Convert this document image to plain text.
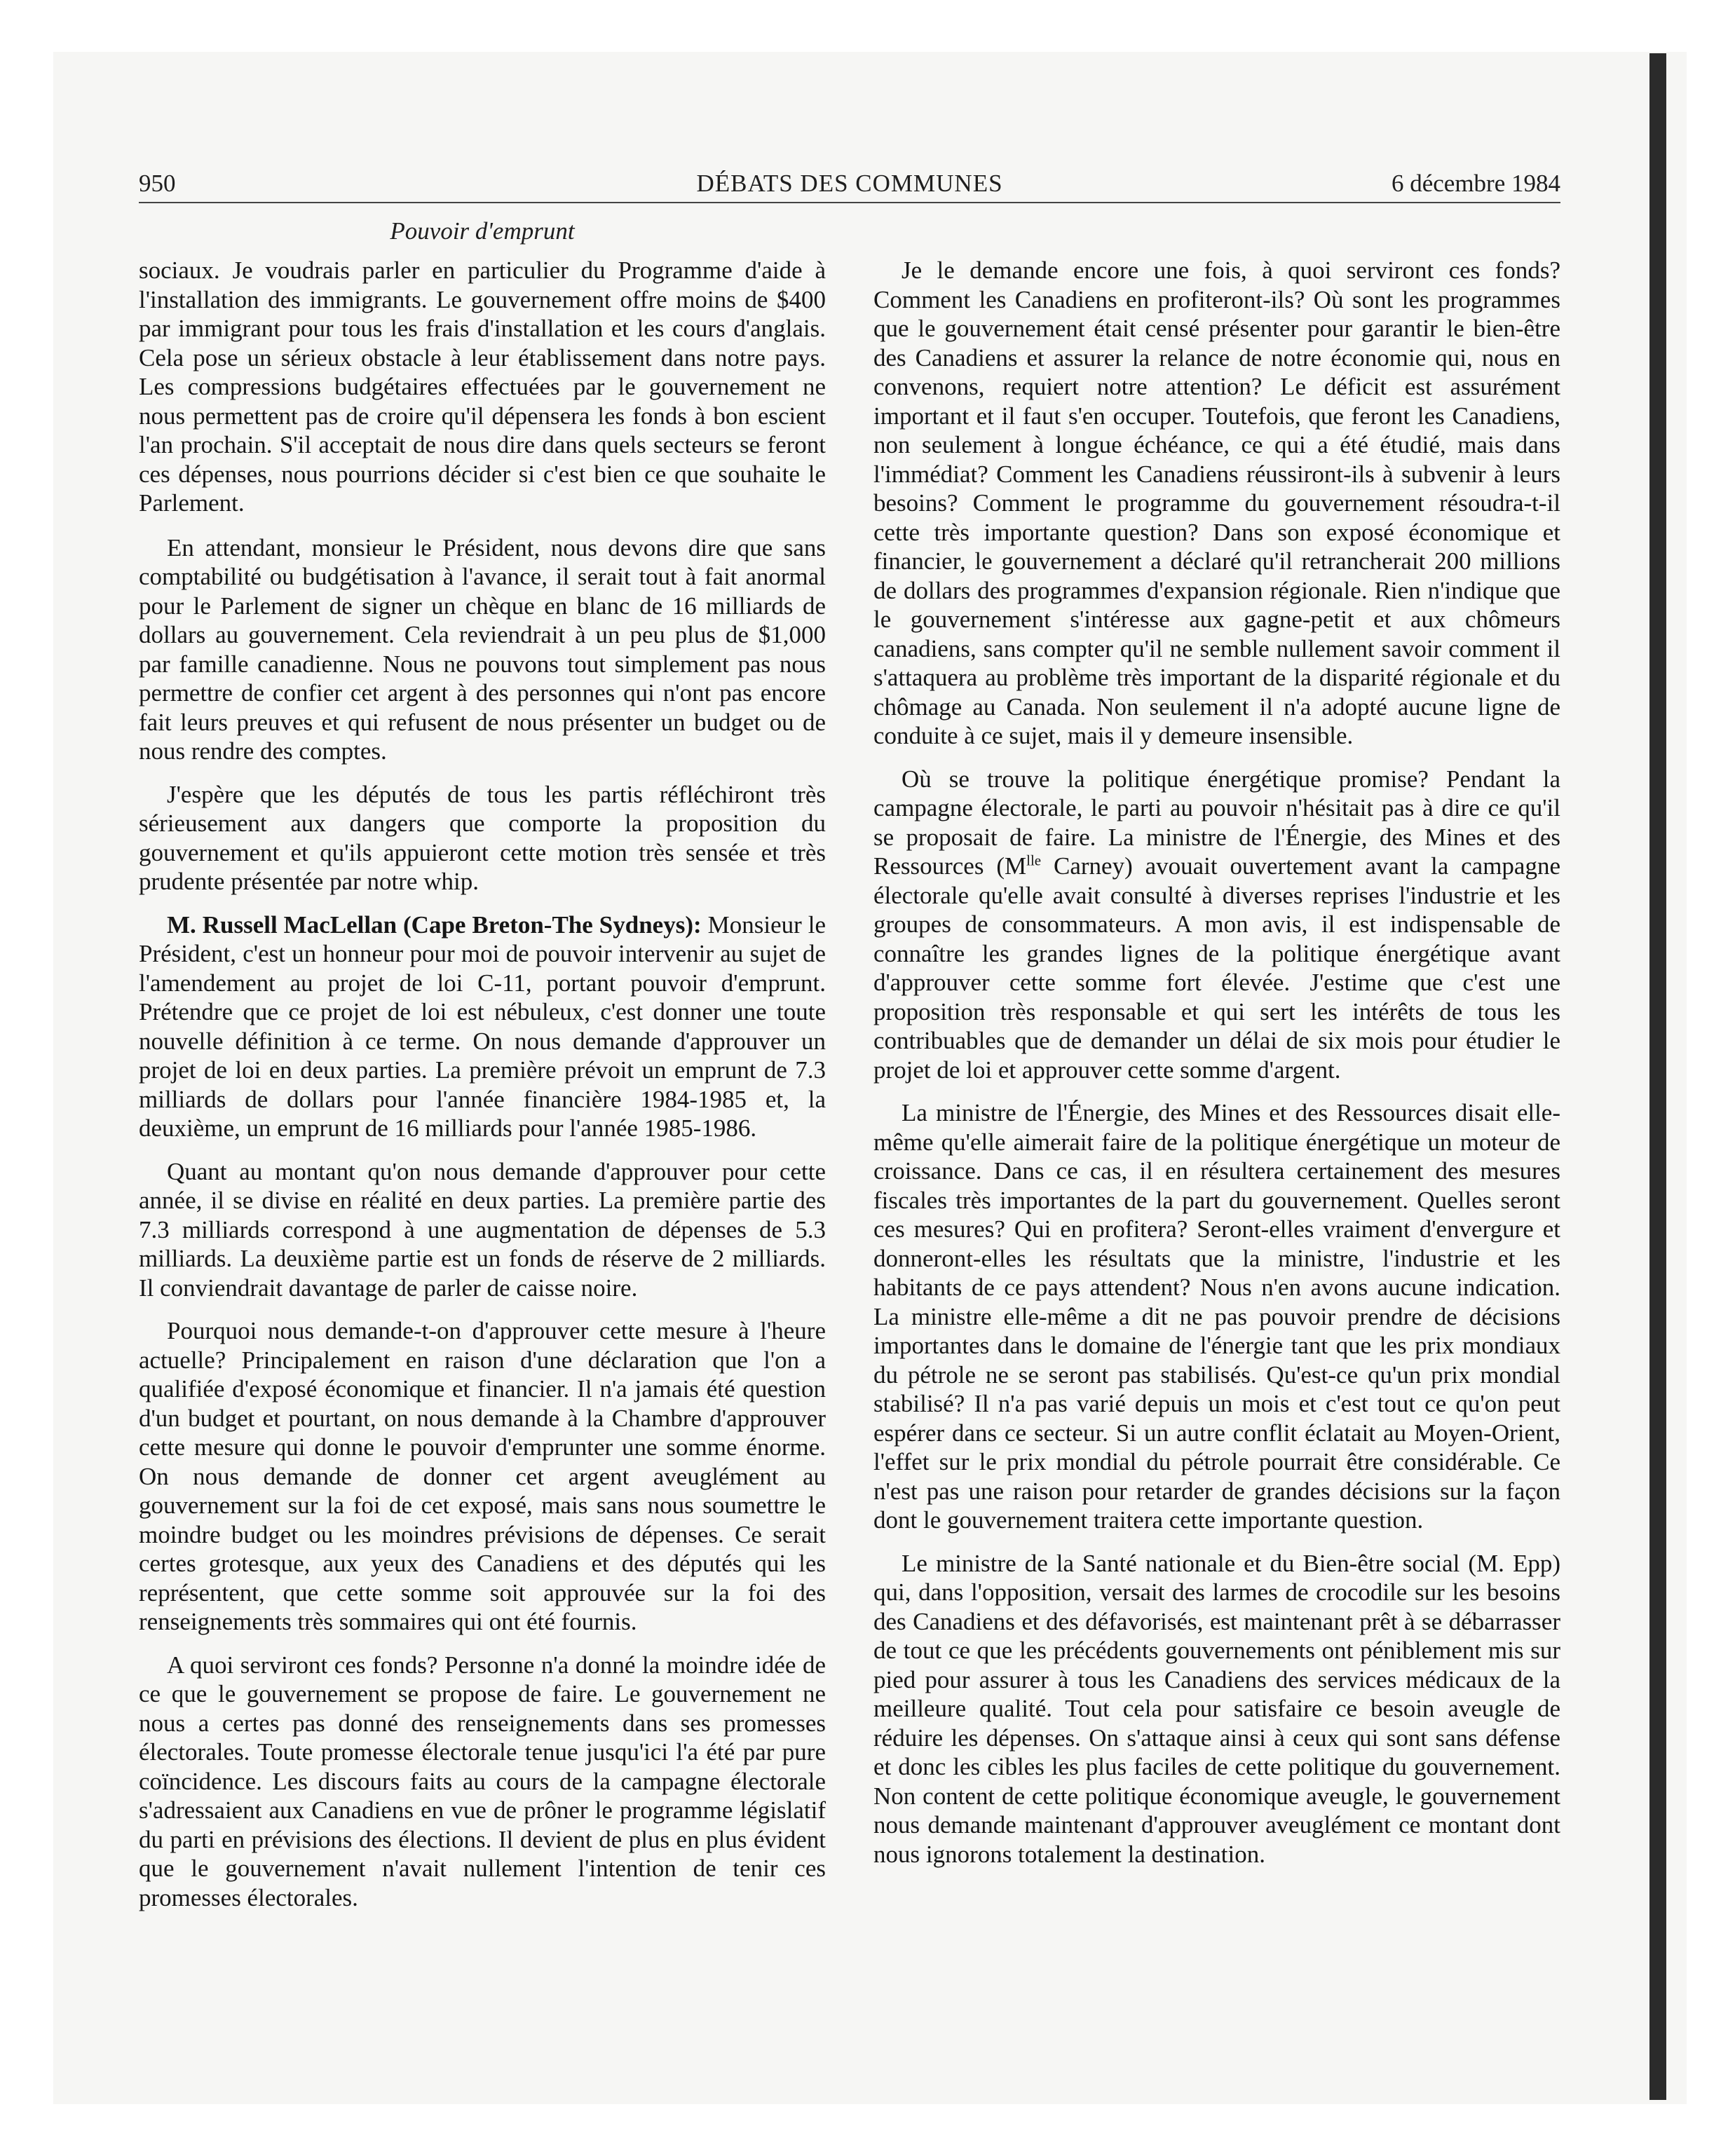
950	DÉBATS DES COMMUNES	6 décembre 1984
Pouvoir d'emprunt

sociaux. Je voudrais parler en particulier du Programme d'aide à l'installation des immigrants. Le gouvernement offre moins de $400 par immigrant pour tous les frais d'installation et les cours d'anglais. Cela pose un sérieux obstacle à leur établissement dans notre pays. Les compressions budgétaires effectuées par le gouvernement ne nous permettent pas de croire qu'il dépensera les fonds à bon escient l'an prochain. S'il acceptait de nous dire dans quels secteurs se feront ces dépenses, nous pourrions décider si c'est bien ce que souhaite le Parlement.

En attendant, monsieur le Président, nous devons dire que sans comptabilité ou budgétisation à l'avance, il serait tout à fait anormal pour le Parlement de signer un chèque en blanc de 16 milliards de dollars au gouvernement. Cela reviendrait à un peu plus de $1,000 par famille canadienne. Nous ne pouvons tout simplement pas nous permettre de confier cet argent à des personnes qui n'ont pas encore fait leurs preuves et qui refusent de nous présenter un budget ou de nous rendre des comptes.

J'espère que les députés de tous les partis réfléchiront très sérieusement aux dangers que comporte la proposition du gouvernement et qu'ils appuieront cette motion très sensée et très prudente présentée par notre whip.

M. Russell MacLellan (Cape Breton-The Sydneys): Monsieur le Président, c'est un honneur pour moi de pouvoir intervenir au sujet de l'amendement au projet de loi C-11, portant pouvoir d'emprunt. Prétendre que ce projet de loi est nébuleux, c'est donner une toute nouvelle définition à ce terme. On nous demande d'approuver un projet de loi en deux parties. La première prévoit un emprunt de 7.3 milliards de dollars pour l'année financière 1984-1985 et, la deuxième, un emprunt de 16 milliards pour l'année 1985-1986.

Quant au montant qu'on nous demande d'approuver pour cette année, il se divise en réalité en deux parties. La première partie des 7.3 milliards correspond à une augmentation de dépenses de 5.3 milliards. La deuxième partie est un fonds de réserve de 2 milliards. Il conviendrait davantage de parler de caisse noire.

Pourquoi nous demande-t-on d'approuver cette mesure à l'heure actuelle? Principalement en raison d'une déclaration que l'on a qualifiée d'exposé économique et financier. Il n'a jamais été question d'un budget et pourtant, on nous demande à la Chambre d'approuver cette mesure qui donne le pouvoir d'emprunter une somme énorme. On nous demande de donner cet argent aveuglément au gouvernement sur la foi de cet exposé, mais sans nous soumettre le moindre budget ou les moindres prévisions de dépenses. Ce serait certes grotesque, aux yeux des Canadiens et des députés qui les représentent, que cette somme soit approuvée sur la foi des renseignements très sommaires qui ont été fournis.

A quoi serviront ces fonds? Personne n'a donné la moindre idée de ce que le gouvernement se propose de faire. Le gouvernement ne nous a certes pas donné des renseignements dans ses promesses électorales. Toute promesse électorale tenue jusqu'ici l'a été par pure coïncidence. Les discours faits au cours de la campagne électorale s'adressaient aux Canadiens en vue de prôner le programme législatif du parti en prévisions des élections. Il devient de plus en plus évident que le gouvernement n'avait nullement l'intention de tenir ces promesses électorales.

Je le demande encore une fois, à quoi serviront ces fonds? Comment les Canadiens en profiteront-ils? Où sont les programmes que le gouvernement était censé présenter pour garantir le bien-être des Canadiens et assurer la relance de notre économie qui, nous en convenons, requiert notre attention? Le déficit est assurément important et il faut s'en occuper. Toutefois, que feront les Canadiens, non seulement à longue échéance, ce qui a été étudié, mais dans l'immédiat? Comment les Canadiens réussiront-ils à subvenir à leurs besoins? Comment le programme du gouvernement résoudra-t-il cette très importante question? Dans son exposé économique et financier, le gouvernement a déclaré qu'il retrancherait 200 millions de dollars des programmes d'expansion régionale. Rien n'indique que le gouvernement s'intéresse aux gagne-petit et aux chômeurs canadiens, sans compter qu'il ne semble nullement savoir comment il s'attaquera au problème très important de la disparité régionale et du chômage au Canada. Non seulement il n'a adopté aucune ligne de conduite à ce sujet, mais il y demeure insensible.

Où se trouve la politique énergétique promise? Pendant la campagne électorale, le parti au pouvoir n'hésitait pas à dire ce qu'il se proposait de faire. La ministre de l'Énergie, des Mines et des Ressources ($M^{lle}$ Carney) avouait ouvertement avant la campagne électorale qu'elle avait consulté à diverses reprises l'industrie et les groupes de consommateurs. A mon avis, il est indispensable de connaître les grandes lignes de la politique énergétique avant d'approuver cette somme fort élevée. J'estime que c'est une proposition très responsable et qui sert les intérêts de tous les contribuables que de demander un délai de six mois pour étudier le projet de loi et approuver cette somme d'argent.

La ministre de l'Énergie, des Mines et des Ressources disait elle-même qu'elle aimerait faire de la politique énergétique un moteur de croissance. Dans ce cas, il en résultera certainement des mesures fiscales très importantes de la part du gouvernement. Quelles seront ces mesures? Qui en profitera? Seront-elles vraiment d'envergure et donneront-elles les résultats que la ministre, l'industrie et les habitants de ce pays attendent? Nous n'en avons aucune indication. La ministre elle-même a dit ne pas pouvoir prendre de décisions importantes dans le domaine de l'énergie tant que les prix mondiaux du pétrole ne se seront pas stabilisés. Qu'est-ce qu'un prix mondial stabilisé? Il n'a pas varié depuis un mois et c'est tout ce qu'on peut espérer dans ce secteur. Si un autre conflit éclatait au Moyen-Orient, l'effet sur le prix mondial du pétrole pourrait être considérable. Ce n'est pas une raison pour retarder de grandes décisions sur la façon dont le gouvernement traitera cette importante question.

Le ministre de la Santé nationale et du Bien-être social (M. Epp) qui, dans l'opposition, versait des larmes de crocodile sur les besoins des Canadiens et des défavorisés, est maintenant prêt à se débarrasser de tout ce que les précédents gouvernements ont péniblement mis sur pied pour assurer à tous les Canadiens des services médicaux de la meilleure qualité. Tout cela pour satisfaire ce besoin aveugle de réduire les dépenses. On s'attaque ainsi à ceux qui sont sans défense et donc les cibles les plus faciles de cette politique du gouvernement. Non content de cette politique économique aveugle, le gouvernement nous demande maintenant d'approuver aveuglément ce montant dont nous ignorons totalement la destination.
